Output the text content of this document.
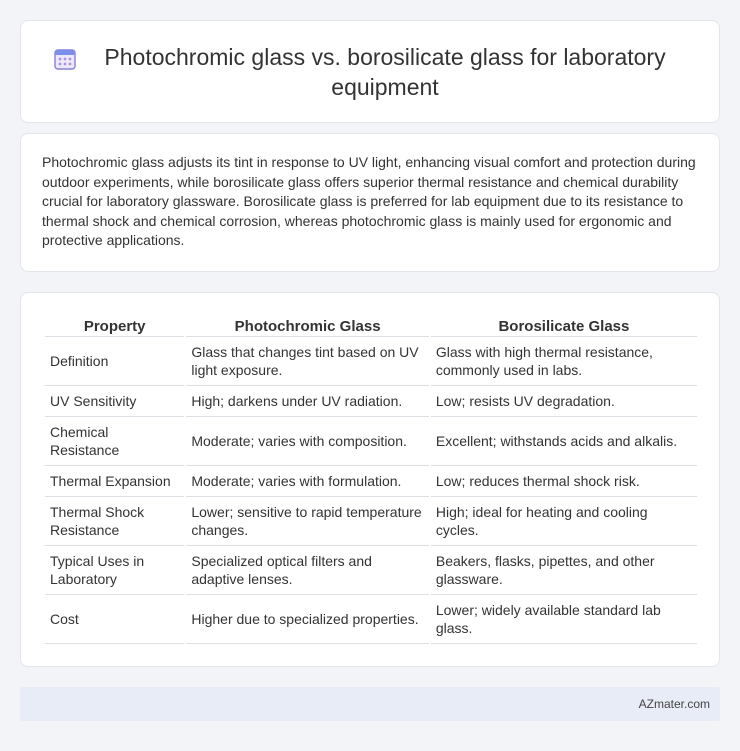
Photochromic glass vs. borosilicate glass for laboratory equipment

Photochromic glass adjusts its tint in response to UV light, enhancing visual comfort and protection during outdoor experiments, while borosilicate glass offers superior thermal resistance and chemical durability crucial for laboratory glassware. Borosilicate glass is preferred for lab equipment due to its resistance to thermal shock and chemical corrosion, whereas photochromic glass is mainly used for ergonomic and protective applications.

Property	Photochromic Glass	Borosilicate Glass
Definition	Glass that changes tint based on UV light exposure.	Glass with high thermal resistance, commonly used in labs.
UV Sensitivity	High; darkens under UV radiation.	Low; resists UV degradation.
Chemical Resistance	Moderate; varies with composition.	Excellent; withstands acids and alkalis.
Thermal Expansion	Moderate; varies with formulation.	Low; reduces thermal shock risk.
Thermal Shock Resistance	Lower; sensitive to rapid temperature changes.	High; ideal for heating and cooling cycles.
Typical Uses in Laboratory	Specialized optical filters and adaptive lenses.	Beakers, flasks, pipettes, and other glassware.
Cost	Higher due to specialized properties.	Lower; widely available standard lab glass.
AZmater.com
